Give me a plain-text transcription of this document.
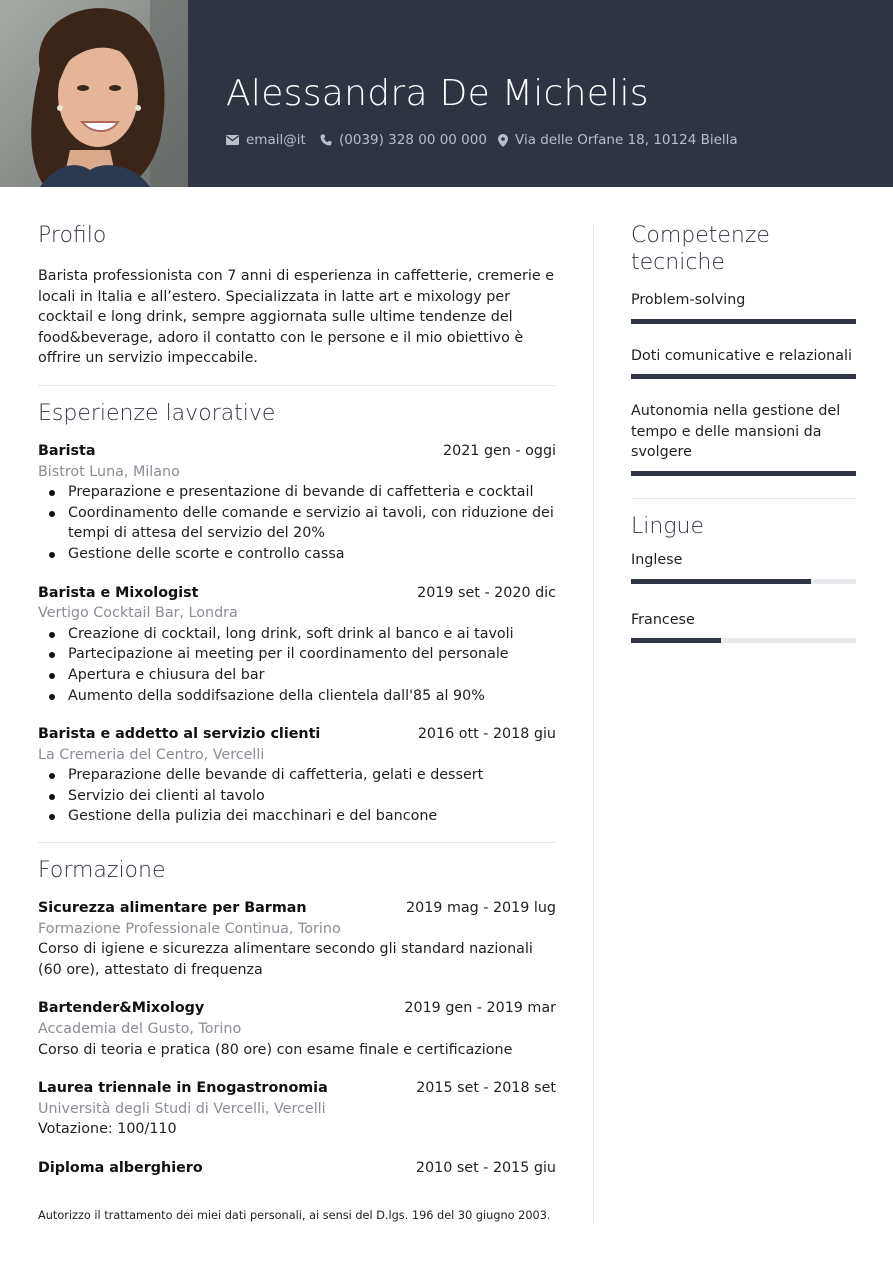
Alessandra De Michelis
email@it (0039) 328 00 00 000 Via delle Orfane 18, 10124 Biella
Profilo

Barista professionista con 7 anni di esperienza in caffetterie, cremerie e locali in Italia e all’estero. Specializzata in latte art e mixology per cocktail e long drink, sempre aggiornata sulle ultime tendenze del food&beverage, adoro il contatto con le persone e il mio obiettivo è offrire un servizio impeccabile.

Esperienze lavorative
Barista	2021 gen - oggi
Bistrot Luna, Milano
Preparazione e presentazione di bevande di caffetteria e cocktail
Coordinamento delle comande e servizio ai tavoli, con riduzione dei tempi di attesa del servizio del 20%
Gestione delle scorte e controllo cassa
Barista e Mixologist	2019 set - 2020 dic
Vertigo Cocktail Bar, Londra
Creazione di cocktail, long drink, soft drink al banco e ai tavoli
Partecipazione ai meeting per il coordinamento del personale
Apertura e chiusura del bar
Aumento della soddifsazione della clientela dall'85 al 90%
Barista e addetto al servizio clienti	2016 ott - 2018 giu
La Cremeria del Centro, Vercelli
Preparazione delle bevande di caffetteria, gelati e dessert
Servizio dei clienti al tavolo
Gestione della pulizia dei macchinari e del bancone
Formazione
Sicurezza alimentare per Barman	2019 mag - 2019 lug
Formazione Professionale Continua, Torino
Corso di igiene e sicurezza alimentare secondo gli standard nazionali (60 ore), attestato di frequenza
Bartender&Mixology	2019 gen - 2019 mar
Accademia del Gusto, Torino
Corso di teoria e pratica (80 ore) con esame finale e certificazione
Laurea triennale in Enogastronomia	2015 set - 2018 set
Università degli Studi di Vercelli, Vercelli
Votazione: 100/110
Diploma alberghiero	2010 set - 2015 giu
Competenze tecniche
Problem-solving
Doti comunicative e relazionali
Autonomia nella gestione del tempo e delle mansioni da svolgere
Lingue
Inglese
Francese
Autorizzo il trattamento dei miei dati personali, ai sensi del D.lgs. 196 del 30 giugno 2003.
